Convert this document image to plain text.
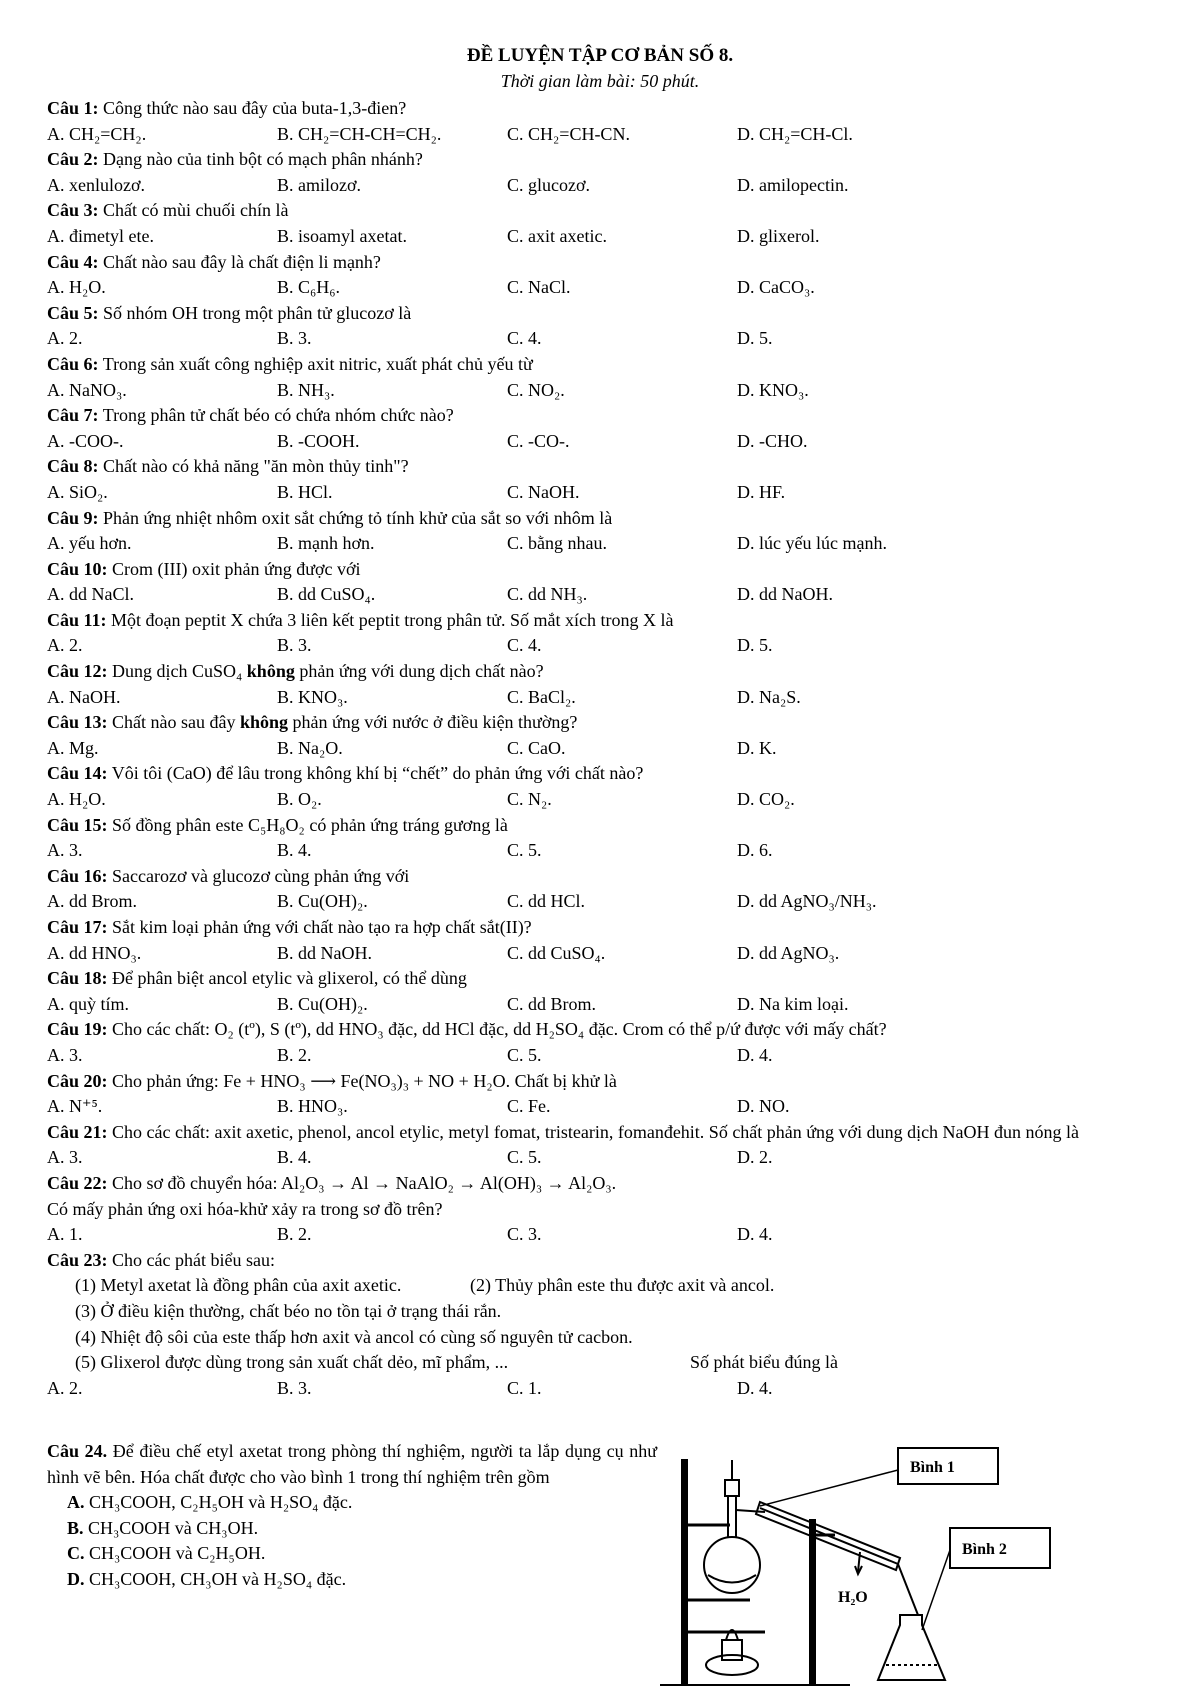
ĐỀ LUYỆN TẬP CƠ BẢN SỐ 8.
Thời gian làm bài: 50 phút.
Câu 1: Công thức nào sau đây của buta-1,3-đien?
A. CH₂=CH₂.	B. CH₂=CH-CH=CH₂.	C. CH₂=CH-CN.	D. CH₂=CH-Cl.
Câu 2: Dạng nào của tinh bột có mạch phân nhánh?
A. xenlulozơ.	B. amilozơ.	C. glucozơ.	D. amilopectin.
Câu 3: Chất có mùi chuối chín là
A. đimetyl ete.	B. isoamyl axetat.	C. axit axetic.	D. glixerol.
Câu 4: Chất nào sau đây là chất điện li mạnh?
A. H₂O.	B. C₆H₆.	C. NaCl.	D. CaCO₃.
Câu 5: Số nhóm OH trong một phân tử glucozơ là
A. 2.	B. 3.	C. 4.	D. 5.
Câu 6: Trong sản xuất công nghiệp axit nitric, xuất phát chủ yếu từ
A. NaNO₃.	B. NH₃.	C. NO₂.	D. KNO₃.
Câu 7: Trong phân tử chất béo có chứa nhóm chức nào?
A. -COO-.	B. -COOH.	C. -CO-.	D. -CHO.
Câu 8: Chất nào có khả năng "ăn mòn thủy tinh"?
A. SiO₂.	B. HCl.	C. NaOH.	D. HF.
Câu 9: Phản ứng nhiệt nhôm oxit sắt chứng tỏ tính khử của sắt so với nhôm là
A. yếu hơn.	B. mạnh hơn.	C. bằng nhau.	D. lúc yếu lúc mạnh.
Câu 10: Crom (III) oxit phản ứng được với
A. dd NaCl.	B. dd CuSO₄.	C. dd NH₃.	D. dd NaOH.
Câu 11: Một đoạn peptit X chứa 3 liên kết peptit trong phân tử. Số mắt xích trong X là
A. 2.	B. 3.	C. 4.	D. 5.
Câu 12: Dung dịch CuSO₄ không phản ứng với dung dịch chất nào?
A. NaOH.	B. KNO₃.	C. BaCl₂.	D. Na₂S.
Câu 13: Chất nào sau đây không phản ứng với nước ở điều kiện thường?
A. Mg.	B. Na₂O.	C. CaO.	D. K.
Câu 14: Vôi tôi (CaO) để lâu trong không khí bị “chết” do phản ứng với chất nào?
A. H₂O.	B. O₂.	C. N₂.	D. CO₂.
Câu 15: Số đồng phân este C₅H₈O₂ có phản ứng tráng gương là
A. 3.	B. 4.	C. 5.	D. 6.
Câu 16: Saccarozơ và glucozơ cùng phản ứng với
A. dd Brom.	B. Cu(OH)₂.	C. dd HCl.	D. dd AgNO₃/NH₃.
Câu 17: Sắt kim loại phản ứng với chất nào tạo ra hợp chất sắt(II)?
A. dd HNO₃.	B. dd NaOH.	C. dd CuSO₄.	D. dd AgNO₃.
Câu 18: Để phân biệt ancol etylic và glixerol, có thể dùng
A. quỳ tím.	B. Cu(OH)₂.	C. dd Brom.	D. Na kim loại.
Câu 19: Cho các chất: O₂ (tº), S (tº), dd HNO₃ đặc, dd HCl đặc, dd H₂SO₄ đặc. Crom có thể p/ứ được với mấy chất?
A. 3.	B. 2.	C. 5.	D. 4.
Câu 20: Cho phản ứng: Fe + HNO₃ ⟶ Fe(NO₃)₃ + NO + H₂O. Chất bị khử là
A. N⁺⁵.	B. HNO₃.	C. Fe.	D. NO.
Câu 21: Cho các chất: axit axetic, phenol, ancol etylic, metyl fomat, tristearin, fomanđehit. Số chất phản ứng với dung dịch NaOH đun nóng là
A. 3.	B. 4.	C. 5.	D. 2.
Câu 22: Cho sơ đồ chuyển hóa: Al₂O₃ → Al → NaAlO₂ → Al(OH)₃ → Al₂O₃.
Có mấy phản ứng oxi hóa-khử xảy ra trong sơ đồ trên?
A. 1.	B. 2.	C. 3.	D. 4.
Câu 23: Cho các phát biểu sau:
(1) Metyl axetat là đồng phân của axit axetic.	(2) Thủy phân este thu được axit và ancol.
(3) Ở điều kiện thường, chất béo no tồn tại ở trạng thái rắn.
(4) Nhiệt độ sôi của este thấp hơn axit và ancol có cùng số nguyên tử cacbon.
(5) Glixerol được dùng trong sản xuất chất dẻo, mĩ phẩm, ...	Số phát biểu đúng là
A. 2.	B. 3.	C. 1.	D. 4.
Câu 24. Để điều chế etyl axetat trong phòng thí nghiệm, người ta lắp dụng cụ như hình vẽ bên. Hóa chất được cho vào bình 1 trong thí nghiệm trên gồm
A. CH₃COOH, C₂H₅OH và H₂SO₄ đặc.
B. CH₃COOH và CH₃OH.
C. CH₃COOH và C₂H₅OH.
D. CH₃COOH, CH₃OH và H₂SO₄ đặc.
Bình 1
Bình 2
H₂O
